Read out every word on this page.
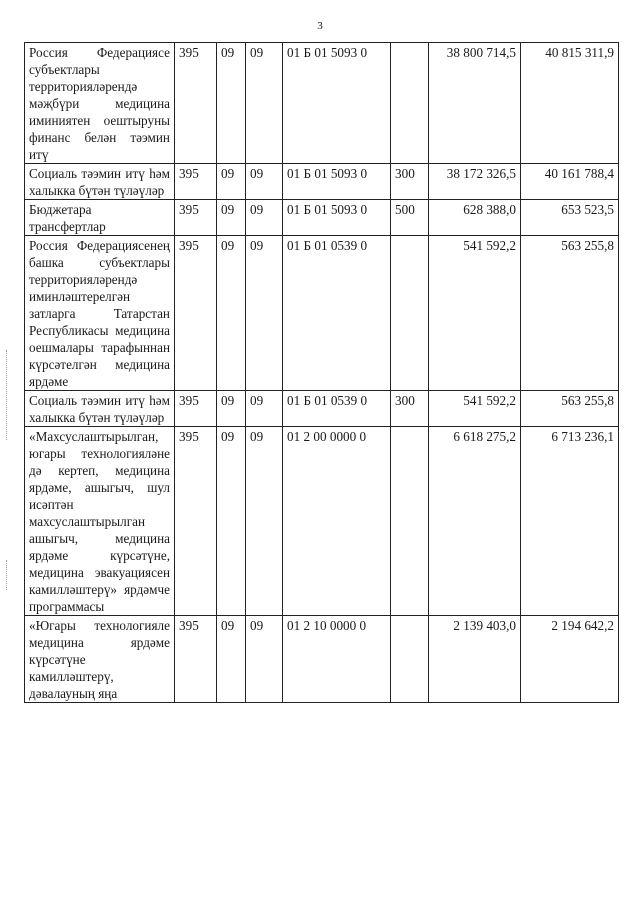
3
Россия Федерациясе субъектлары территорияләрендә мәҗбүри медицина иминиятен оештыруны финанс белән тәэмин итү	395	09	09	01 Б 01 5093 0		38 800 714,5	40 815 311,9
Социаль тәэмин итү һәм халыкка бүтән түләүләр	395	09	09	01 Б 01 5093 0	300	38 172 326,5	40 161 788,4
Бюджетара трансфертлар	395	09	09	01 Б 01 5093 0	500	628 388,0	653 523,5
Россия Федерациясенең башка субъектлары территорияләрендә иминләштерелгән затларга Татарстан Республикасы медицина оешмалары тарафыннан күрсәтелгән медицина ярдәме	395	09	09	01 Б 01 0539 0		541 592,2	563 255,8
Социаль тәэмин итү һәм халыкка бүтән түләүләр	395	09	09	01 Б 01 0539 0	300	541 592,2	563 255,8
«Махсуслаштырылган, югары технологияләне дә кертеп, медицина ярдәме, ашыгыч, шул исәптән махсуслаштырылган ашыгыч, медицина ярдәме күрсәтүне, медицина эвакуациясен камилләштерү» ярдәмче программасы	395	09	09	01 2 00 0000 0		6 618 275,2	6 713 236,1
«Югары технологияле медицина ярдәме күрсәтүне камилләштерү, дәвалауның яңа	395	09	09	01 2 10 0000 0		2 139 403,0	2 194 642,2
